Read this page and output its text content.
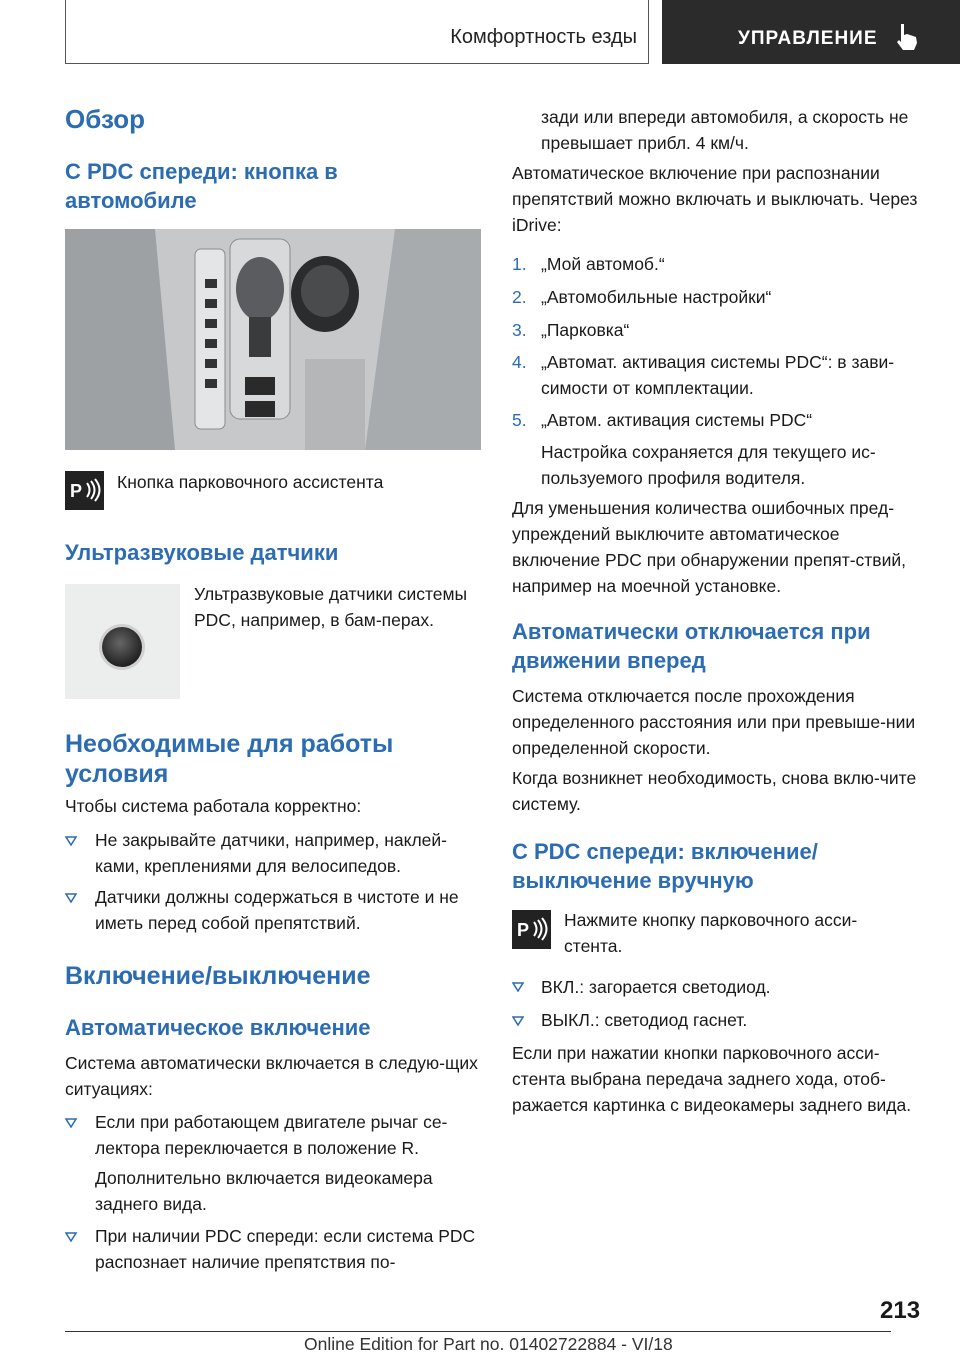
Комфортность езды	УПРАВЛЕНИЕ
Обзор
С PDC спереди: кнопка в автомобиле
P Кнопка парковочного ассистента
Ультразвуковые датчики
Ультразвуковые датчики системы PDC, например, в бам-перах.
Необходимые для работы условия
Чтобы система работала корректно:
Не закрывайте датчики, например, наклей-ками, креплениями для велосипедов.
Датчики должны содержаться в чистоте и не иметь перед собой препятствий.
Включение/выключение
Автоматическое включение
Система автоматически включается в следую-щих ситуациях:
Если при работающем двигателе рычаг се-лектора переключается в положение R.
Дополнительно включается видеокамера заднего вида.
При наличии PDC спереди: если система PDC распознает наличие препятствия по-
зади или впереди автомобиля, а скорость не превышает прибл. 4 км/ч.
Автоматическое включение при распознании препятствий можно включать и выключать. Через iDrive:
1. „Мой автомоб.“
2. „Автомобильные настройки“
3. „Парковка“
4. „Автомат. активация системы PDC“: в зави-симости от комплектации.
5. „Автом. активация системы PDC“
Настройка сохраняется для текущего ис-пользуемого профиля водителя.
Для уменьшения количества ошибочных пред-упреждений выключите автоматическое включение PDC при обнаружении препят-ствий, например на моечной установке.
Автоматически отключается при движении вперед
Система отключается после прохождения определенного расстояния или при превыше-нии определенной скорости.
Когда возникнет необходимость, снова вклю-чите систему.
С PDC спереди: включение/выключение вручную
P Нажмите кнопку парковочного асси-стента.
ВКЛ.: загорается светодиод.
ВЫКЛ.: светодиод гаснет.
Если при нажатии кнопки парковочного асси-стента выбрана передача заднего хода, отоб-ражается картинка с видеокамеры заднего вида.
213
Online Edition for Part no. 01402722884 - VI/18
